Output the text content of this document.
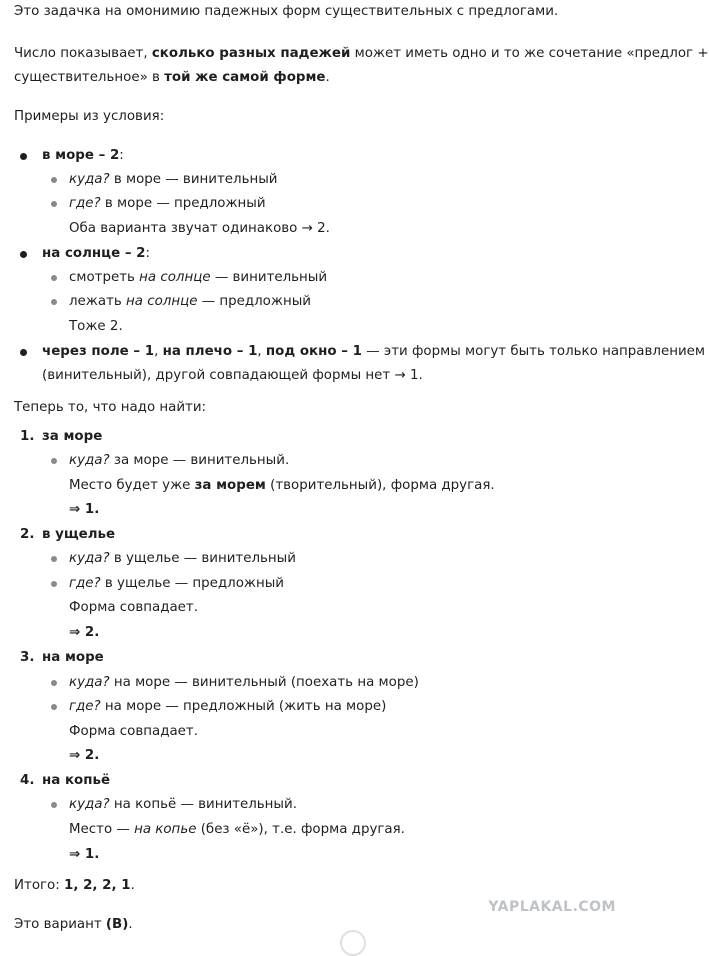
Это задачка на омонимию падежных форм существительных с предлогами.
Число показывает, сколько разных падежей может иметь одно и то же сочетание «предлог +
существительное» в той же самой форме.
Примеры из условия:
в море – 2:
куда? в море — винительный
где? в море — предложный
Оба варианта звучат одинаково → 2.
на солнце – 2:
смотреть на солнце — винительный
лежать на солнце — предложный
Тоже 2.
через поле – 1, на плечо – 1, под окно – 1 — эти формы могут быть только направлением
(винительный), другой совпадающей формы нет → 1.
Теперь то, что надо найти:
1. за море
куда? за море — винительный.
Место будет уже за морем (творительный), форма другая.
⇒ 1.
2. в ущелье
куда? в ущелье — винительный
где? в ущелье — предложный
Форма совпадает.
⇒ 2.
3. на море
куда? на море — винительный (поехать на море)
где? на море — предложный (жить на море)
Форма совпадает.
⇒ 2.
4. на копьё
куда? на копьё — винительный.
Место — на копье (без «ё»), т.е. форма другая.
⇒ 1.
Итого: 1, 2, 2, 1.
Это вариант (В).
YAPLAKAL.COM
